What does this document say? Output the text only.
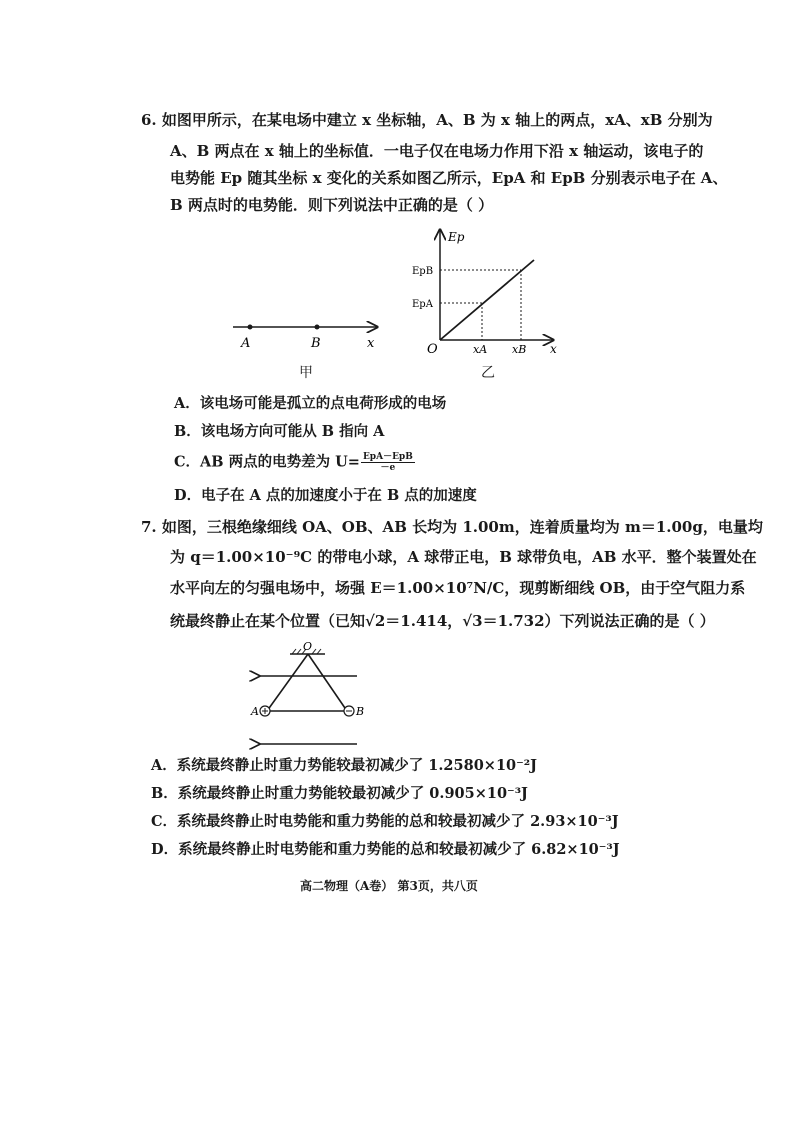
6. 如图甲所示，在某电场中建立 x 坐标轴，A、B 为 x 轴上的两点，xA、xB 分别为
A、B 两点在 x 轴上的坐标值．一电子仅在电场力作用下沿 x 轴运动，该电子的
电势能 Ep 随其坐标 x 变化的关系如图乙所示，EpA 和 EpB 分别表示电子在 A、
B 两点时的电势能．则下列说法中正确的是（ ）
A	B	x
甲
Ep
EpB
EpA
O	xA xB x
乙
A．该电场可能是孤立的点电荷形成的电场
B．该电场方向可能从 B 指向 A
C．AB 两点的电势差为 $U= \frac{\text{EpA－EpB}}{-e}$
D．电子在 A 点的加速度小于在 B 点的加速度
7. 如图，三根绝缘细线 OA、OB、AB 长均为 1.00m，连着质量均为 m＝1.00g，电量均
为 q＝1.00×10⁻⁹C 的带电小球，A 球带正电，B 球带负电，AB 水平．整个装置处在
水平向左的匀强电场中，场强 E＝1.00×10⁷N/C，现剪断细线 OB，由于空气阻力系
统最终静止在某个位置（已知√2＝1.414，√3＝1.732）下列说法正确的是（ ）
O
A	B
A．系统最终静止时重力势能较最初减少了 1.2580×10⁻²J
B．系统最终静止时重力势能较最初减少了 0.905×10⁻³J
C．系统最终静止时电势能和重力势能的总和较最初减少了 2.93×10⁻³J
D．系统最终静止时电势能和重力势能的总和较最初减少了 6.82×10⁻³J
高二物理（A卷） 第3页，共八页
